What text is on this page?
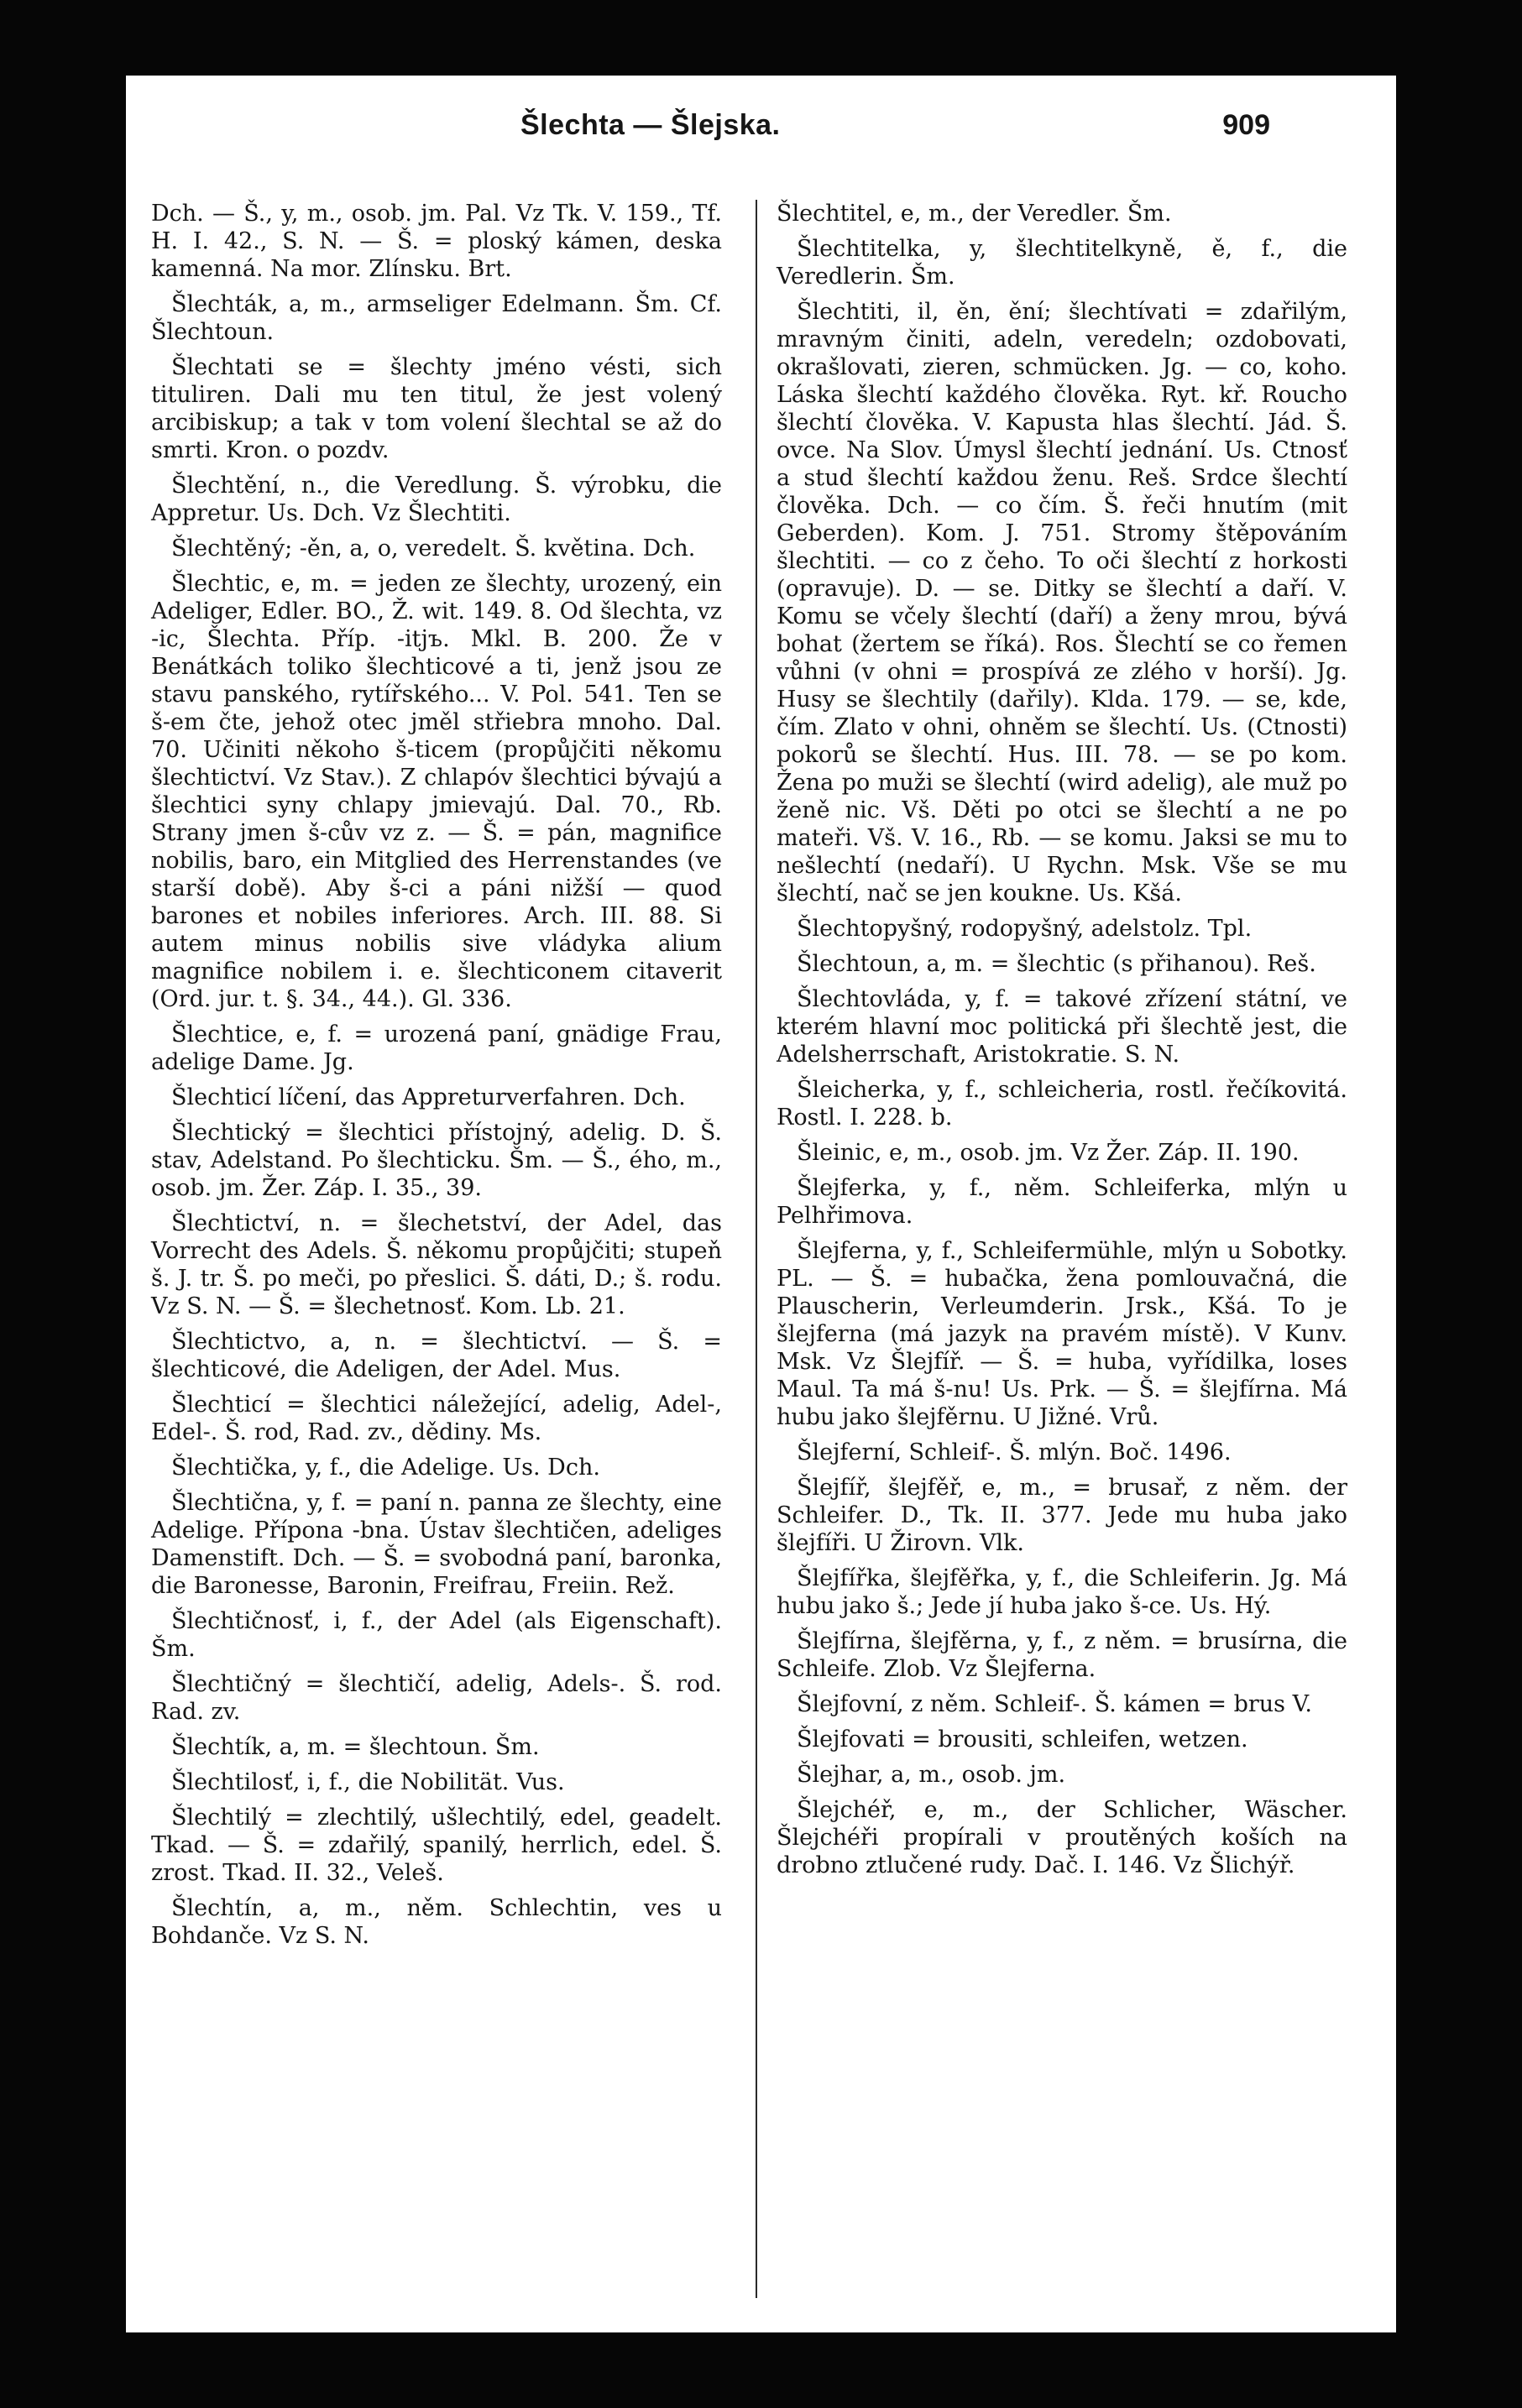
Šlechta — Šlejska.	909

Dch. — Š., y, m., osob. jm. Pal. Vz Tk. V. 159., Tf. H. I. 42., S. N. — Š. = ploský kámen, deska kamenná. Na mor. Zlínsku. Brt.

Šlechták, a, m., armseliger Edelmann. Šm. Cf. Šlechtoun.

Šlechtati se = šlechty jméno vésti, sich tituliren. Dali mu ten titul, že jest volený arcibiskup; a tak v tom volení šlechtal se až do smrti. Kron. o pozdv.

Šlechtění, n., die Veredlung. Š. výrobku, die Appretur. Us. Dch. Vz Šlechtiti.

Šlechtěný; -ěn, a, o, veredelt. Š. květina. Dch.

Šlechtic, e, m. = jeden ze šlechty, urozený, ein Adeliger, Edler. BO., Ž. wit. 149. 8. Od šlechta, vz -ic, Šlechta. Příp. -itjъ. Mkl. B. 200. Že v Benátkách toliko šlechticové a ti, jenž jsou ze stavu panského, rytířského... V. Pol. 541. Ten se š-em čte, jehož otec jměl střiebra mnoho. Dal. 70. Učiniti někoho š-ticem (propůjčiti někomu šlechtictví. Vz Stav.). Z chlapóv šlechtici bývajú a šlechtici syny chlapy jmievajú. Dal. 70., Rb. Strany jmen š-cův vz z. — Š. = pán, magnifice nobilis, baro, ein Mitglied des Herrenstandes (ve starší době). Aby š-ci a páni nižší — quod barones et nobiles inferiores. Arch. III. 88. Si autem minus nobilis sive vládyka alium magnifice nobilem i. e. šlechticonem citaverit (Ord. jur. t. §. 34., 44.). Gl. 336.

Šlechtice, e, f. = urozená paní, gnädige Frau, adelige Dame. Jg.

Šlechticí líčení, das Appreturverfahren. Dch.

Šlechtický = šlechtici přístojný, adelig. D. Š. stav, Adelstand. Po šlechticku. Šm. — Š., ého, m., osob. jm. Žer. Záp. I. 35., 39.

Šlechtictví, n. = šlechetství, der Adel, das Vorrecht des Adels. Š. někomu propůjčiti; stupeň š. J. tr. Š. po meči, po přeslici. Š. dáti, D.; š. rodu. Vz S. N. — Š. = šlechetnosť. Kom. Lb. 21.

Šlechtictvo, a, n. = šlechtictví. — Š. = šlechticové, die Adeligen, der Adel. Mus.

Šlechticí = šlechtici náležející, adelig, Adel-, Edel-. Š. rod, Rad. zv., dědiny. Ms.

Šlechtička, y, f., die Adelige. Us. Dch.

Šlechtična, y, f. = paní n. panna ze šlechty, eine Adelige. Přípona -bna. Ústav šlechtičen, adeliges Damenstift. Dch. — Š. = svobodná paní, baronka, die Baronesse, Baronin, Freifrau, Freiin. Rež.

Šlechtičnosť, i, f., der Adel (als Eigenschaft). Šm.

Šlechtičný = šlechtičí, adelig, Adels-. Š. rod. Rad. zv.

Šlechtík, a, m. = šlechtoun. Šm.

Šlechtilosť, i, f., die Nobilität. Vus.

Šlechtilý = zlechtilý, ušlechtilý, edel, geadelt. Tkad. — Š. = zdařilý, spanilý, herrlich, edel. Š. zrost. Tkad. II. 32., Veleš.

Šlechtín, a, m., něm. Schlechtin, ves u Bohdanče. Vz S. N.

Šlechtitel, e, m., der Veredler. Šm.

Šlechtitelka, y, šlechtitelkyně, ě, f., die Veredlerin. Šm.

Šlechtiti, il, ěn, ění; šlechtívati = zdařilým, mravným činiti, adeln, veredeln; ozdobovati, okrašlovati, zieren, schmücken. Jg. — co, koho. Láska šlechtí každého člověka. Ryt. kř. Roucho šlechtí člověka. V. Kapusta hlas šlechtí. Jád. Š. ovce. Na Slov. Úmysl šlechtí jednání. Us. Ctnosť a stud šlechtí každou ženu. Reš. Srdce šlechtí člověka. Dch. — co čím. Š. řeči hnutím (mit Geberden). Kom. J. 751. Stromy štěpováním šlechtiti. — co z čeho. To oči šlechtí z horkosti (opravuje). D. — se. Ditky se šlechtí a daří. V. Komu se včely šlechtí (daří) a ženy mrou, bývá bohat (žertem se říká). Ros. Šlechtí se co řemen vůhni (v ohni = prospívá ze zlého v horší). Jg. Husy se šlechtily (dařily). Klda. 179. — se, kde, čím. Zlato v ohni, ohněm se šlechtí. Us. (Ctnosti) pokorů se šlechtí. Hus. III. 78. — se po kom. Žena po muži se šlechtí (wird adelig), ale muž po ženě nic. Vš. Děti po otci se šlechtí a ne po mateři. Vš. V. 16., Rb. — se komu. Jaksi se mu to nešlechtí (nedaří). U Rychn. Msk. Vše se mu šlechtí, nač se jen koukne. Us. Kšá.

Šlechtopyšný, rodopyšný, adelstolz. Tpl.

Šlechtoun, a, m. = šlechtic (s přihanou). Reš.

Šlechtovláda, y, f. = takové zřízení státní, ve kterém hlavní moc politická při šlechtě jest, die Adelsherrschaft, Aristokratie. S. N.

Šleicherka, y, f., schleicheria, rostl. řečíkovitá. Rostl. I. 228. b.

Šleinic, e, m., osob. jm. Vz Žer. Záp. II. 190.

Šlejferka, y, f., něm. Schleiferka, mlýn u Pelhřimova.

Šlejferna, y, f., Schleifermühle, mlýn u Sobotky. PL. — Š. = hubačka, žena pomlouvačná, die Plauscherin, Verleumderin. Jrsk., Kšá. To je šlejferna (má jazyk na pravém místě). V Kunv. Msk. Vz Šlejfíř. — Š. = huba, vyřídilka, loses Maul. Ta má š-nu! Us. Prk. — Š. = šlejfírna. Má hubu jako šlejfěrnu. U Jižné. Vrů.

Šlejferní, Schleif-. Š. mlýn. Boč. 1496.

Šlejfíř, šlejfěř, e, m., = brusař, z něm. der Schleifer. D., Tk. II. 377. Jede mu huba jako šlejfíři. U Žirovn. Vlk.

Šlejfířka, šlejfěřka, y, f., die Schleiferin. Jg. Má hubu jako š.; Jede jí huba jako š-ce. Us. Hý.

Šlejfírna, šlejfěrna, y, f., z něm. = brusírna, die Schleife. Zlob. Vz Šlejferna.

Šlejfovní, z něm. Schleif-. Š. kámen = brus V.

Šlejfovati = brousiti, schleifen, wetzen.

Šlejhar, a, m., osob. jm.

Šlejchéř, e, m., der Schlicher, Wäscher. Šlejchéři propírali v proutěných koších na drobno ztlučené rudy. Dač. I. 146. Vz Šlichýř.
